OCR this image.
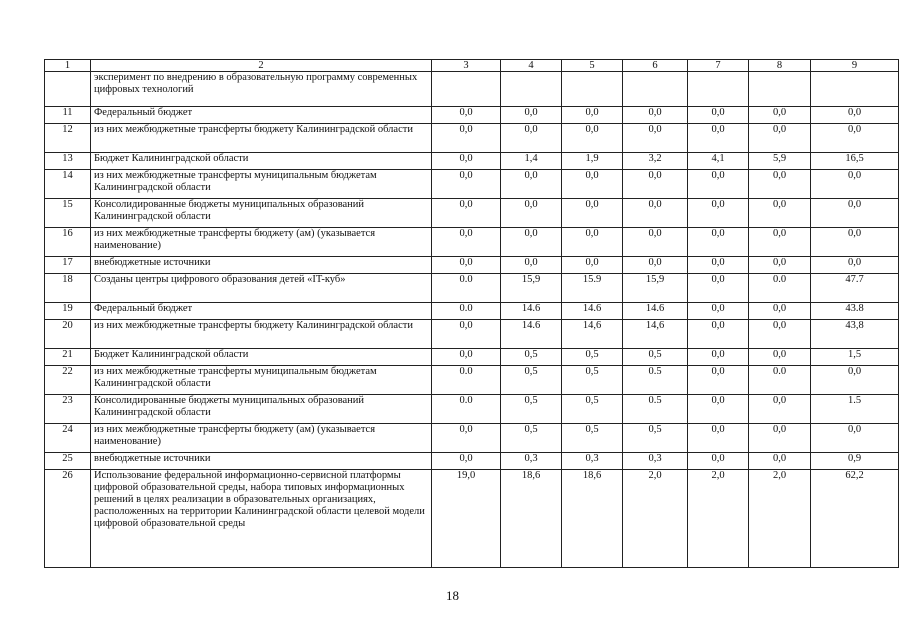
1	2	3	4	5	6	7	8	9
	эксперимент по внедрению в образовательную программу современных цифровых технологий							
11	Федеральный бюджет	0,0	0,0	0,0	0,0	0,0	0,0	0,0
12	из них межбюджетные трансферты бюджету Калининградской области	0,0	0,0	0,0	0,0	0,0	0,0	0,0
13	Бюджет Калининградской области	0,0	1,4	1,9	3,2	4,1	5,9	16,5
14	из них межбюджетные трансферты муниципальным бюджетам Калининградской области	0,0	0,0	0,0	0,0	0,0	0,0	0,0
15	Консолидированные бюджеты муниципальных образований Калининградской области	0,0	0,0	0,0	0,0	0,0	0,0	0,0
16	из них межбюджетные трансферты бюджету (ам) (указывается наименование)	0,0	0,0	0,0	0,0	0,0	0,0	0,0
17	внебюджетные источники	0,0	0,0	0,0	0,0	0,0	0,0	0,0
18	Созданы центры цифрового образования детей «IT-куб»	0.0	15,9	15.9	15,9	0,0	0.0	47.7
19	Федеральный бюджет	0.0	14.6	14.6	14.6	0,0	0,0	43.8
20	из них межбюджетные трансферты бюджету Калининградской области	0,0	14.6	14,6	14,6	0,0	0,0	43,8
21	Бюджет Калининградской области	0,0	0,5	0,5	0,5	0,0	0,0	1,5
22	из них межбюджетные трансферты муниципальным бюджетам Калининградской области	0.0	0,5	0,5	0.5	0,0	0.0	0,0
23	Консолидированные бюджеты муниципальных образований Калининградской области	0.0	0,5	0,5	0.5	0,0	0,0	1.5
24	из них межбюджетные трансферты бюджету (ам) (указывается наименование)	0,0	0,5	0,5	0,5	0,0	0,0	0,0
25	внебюджетные источники	0,0	0,3	0,3	0,3	0,0	0,0	0,9
26	Использование федеральной информационно-сервисной платформы цифровой образовательной среды, набора типовых информационных решений в целях реализации в образовательных организациях, расположенных на территории Калининградской области целевой модели цифровой образовательной среды	19,0	18,6	18,6	2,0	2,0	2,0	62,2
18
